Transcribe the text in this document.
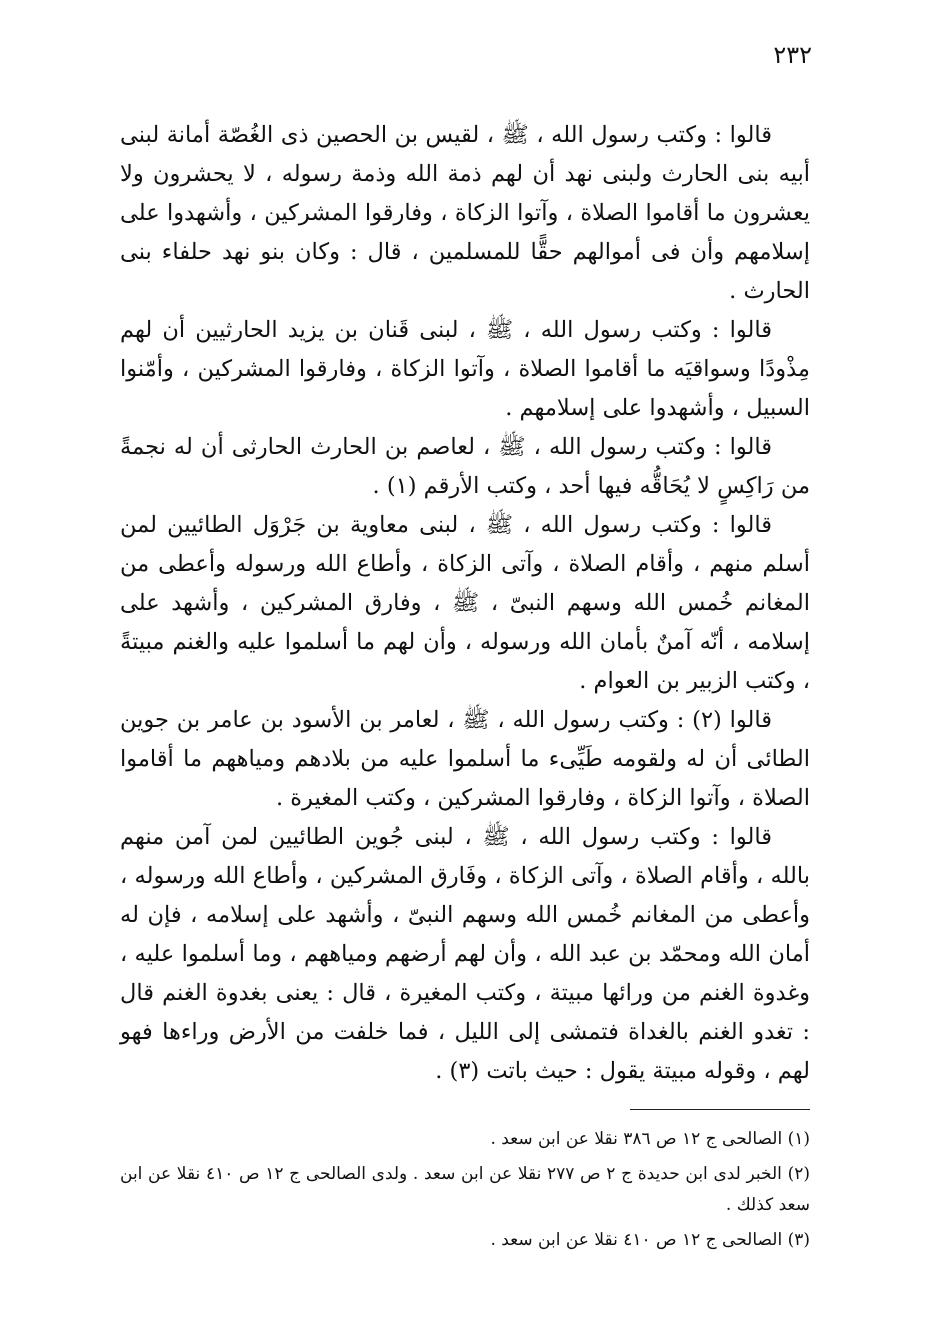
٢٣٢

قالوا : وكتب رسول الله ، ﷺ ، لقيس بن الحصين ذى الغُصّة أمانة لبنى أبيه بنى الحارث ولبنى نهد أن لهم ذمة الله وذمة رسوله ، لا يحشرون ولا يعشرون ما أقاموا الصلاة ، وآتوا الزكاة ، وفارقوا المشركين ، وأشهدوا على إسلامهم وأن فى أموالهم حقًّا للمسلمين ، قال : وكان بنو نهد حلفاء بنى الحارث .

قالوا : وكتب رسول الله ، ﷺ ، لبنى قَنان بن يزيد الحارثيين أن لهم مِذْودًا وسواقيَه ما أقاموا الصلاة ، وآتوا الزكاة ، وفارقوا المشركين ، وأمّنوا السبيل ، وأشهدوا على إسلامهم .

قالوا : وكتب رسول الله ، ﷺ ، لعاصم بن الحارث الحارثى أن له نجمةً من رَاكِسٍ لا يُحَاقُّه فيها أحد ، وكتب الأرقم (١) .

قالوا : وكتب رسول الله ، ﷺ ، لبنى معاوية بن جَرْوَل الطائيين لمن أسلم منهم ، وأقام الصلاة ، وآتى الزكاة ، وأطاع الله ورسوله وأعطى من المغانم خُمس الله وسهم النبىّ ، ﷺ ، وفارق المشركين ، وأشهد على إسلامه ، أنّه آمنٌ بأمان الله ورسوله ، وأن لهم ما أسلموا عليه والغنم مبيتةً ، وكتب الزبير بن العوام .

قالوا (٢) : وكتب رسول الله ، ﷺ ، لعامر بن الأسود بن عامر بن جوين الطائى أن له ولقومه طَيِّىء ما أسلموا عليه من بلادهم ومياههم ما أقاموا الصلاة ، وآتوا الزكاة ، وفارقوا المشركين ، وكتب المغيرة .

قالوا : وكتب رسول الله ، ﷺ ، لبنى جُوين الطائيين لمن آمن منهم بالله ، وأقام الصلاة ، وآتى الزكاة ، وفَارق المشركين ، وأطاع الله ورسوله ، وأعطى من المغانم خُمس الله وسهم النبىّ ، وأشهد على إسلامه ، فإن له أمان الله ومحمّد بن عبد الله ، وأن لهم أرضهم ومياههم ، وما أسلموا عليه ، وغدوة الغنم من ورائها مبيتة ، وكتب المغيرة ، قال : يعنى بغدوة الغنم قال : تغدو الغنم بالغداة فتمشى إلى الليل ، فما خلفت من الأرض وراءها فهو لهم ، وقوله مبيتة يقول : حيث باتت (٣) .

(١) الصالحى ج ١٢ ص ٣٨٦ نقلا عن ابن سعد .

(٢) الخبر لدى ابن حديدة ج ٢ ص ٢٧٧ نقلا عن ابن سعد . ولدى الصالحى ج ١٢ ص ٤١٠ نقلا عن ابن سعد كذلك .

(٣) الصالحى ج ١٢ ص ٤١٠ نقلا عن ابن سعد .
